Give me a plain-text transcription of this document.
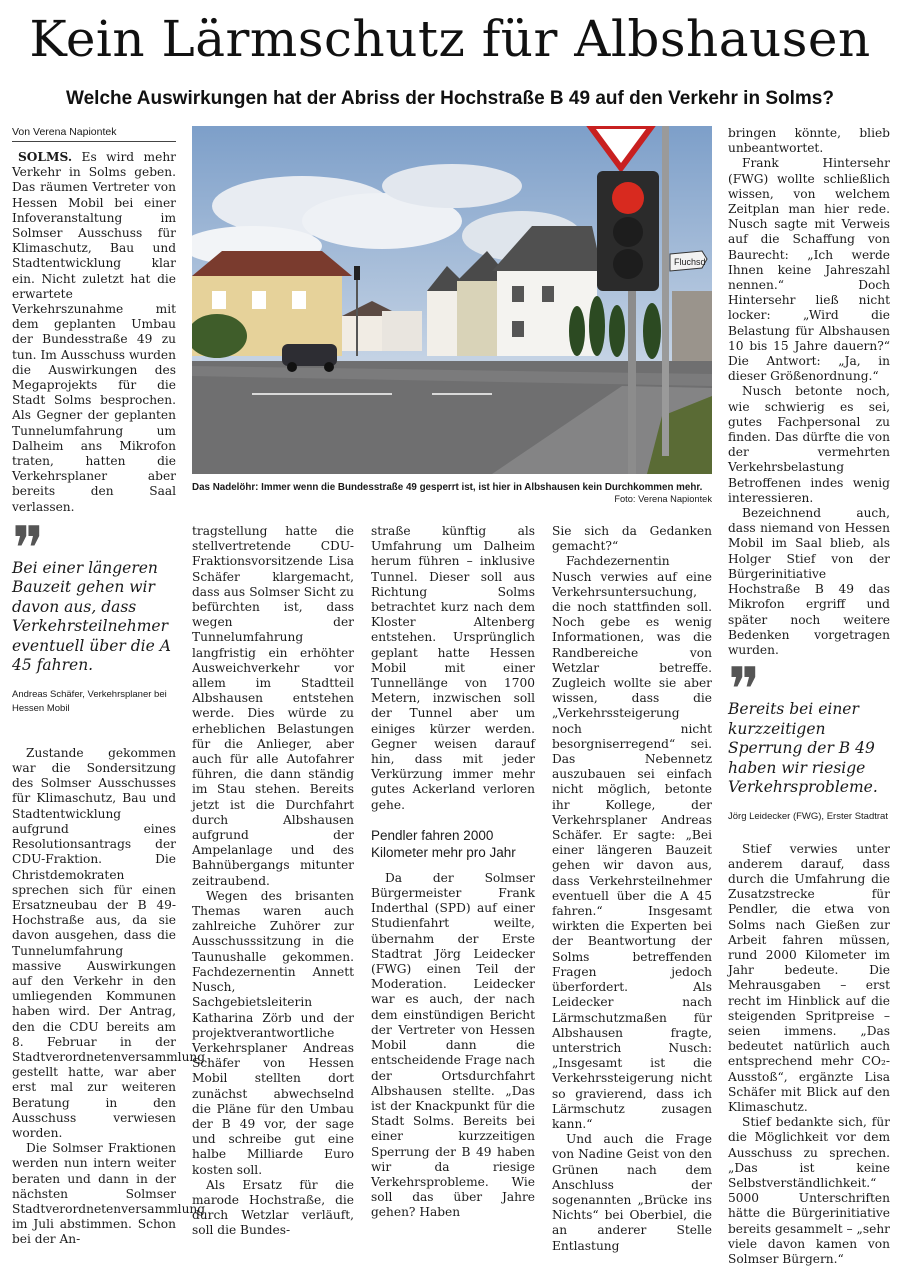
Kein Lärmschutz für Albshausen
Welche Auswirkungen hat der Abriss der Hochstraße B 49 auf den Verkehr in Solms?
Von Verena Napiontek

SOLMS. Es wird mehr Verkehr in Solms geben. Das räumen Vertreter von Hessen Mobil bei einer Infoveranstaltung im Solmser Ausschuss für Klimaschutz, Bau und Stadtentwicklung klar ein. Nicht zuletzt hat die erwartete Verkehrszunahme mit dem geplanten Umbau der Bundesstraße 49 zu tun. Im Ausschuss wurden die Auswirkungen des Megaprojekts für die Stadt Solms besprochen. Als Gegner der geplanten Tunnelumfahrung um Dalheim ans Mikrofon traten, hatten die Verkehrsplaner aber bereits den Saal verlassen.

❞
Bei einer längeren Bauzeit gehen wir davon aus, dass Verkehrsteilnehmer eventuell über die A 45 fahren.
Andreas Schäfer, Verkehrsplaner bei Hessen Mobil

Zustande gekommen war die Sondersitzung des Solmser Ausschusses für Klimaschutz, Bau und Stadtentwicklung aufgrund eines Resolutionsantrags der CDU-Fraktion. Die Christdemokraten sprechen sich für einen Ersatzneubau der B 49-Hochstraße aus, da sie davon ausgehen, dass die Tunnelumfahrung massive Auswirkungen auf den Verkehr in den umliegenden Kommunen haben wird. Der Antrag, den die CDU bereits am 8. Februar in der Stadtverordnetenversammlung gestellt hatte, war aber erst mal zur weiteren Beratung in den Ausschuss verwiesen worden.

Die Solmser Fraktionen werden nun intern weiter beraten und dann in der nächsten Solmser Stadtverordnetenversammlung im Juli abstimmen. Schon bei der An-

Fluchsd
Das Nadelöhr: Immer wenn die Bundesstraße 49 gesperrt ist, ist hier in Albshausen kein Durchkommen mehr.
Foto: Verena Napiontek

tragstellung hatte die stellvertretende CDU-Fraktionsvorsitzende Lisa Schäfer klargemacht, dass aus Solmser Sicht zu befürchten ist, dass wegen der Tunnelumfahrung langfristig ein erhöhter Ausweichverkehr vor allem im Stadtteil Albshausen entstehen werde. Dies würde zu erheblichen Belastungen für die Anlieger, aber auch für alle Autofahrer führen, die dann ständig im Stau stehen. Bereits jetzt ist die Durchfahrt durch Albshausen aufgrund der Ampelanlage und des Bahnübergangs mitunter zeitraubend.

Wegen des brisanten Themas waren auch zahlreiche Zuhörer zur Ausschusssitzung in die Taunushalle gekommen. Fachdezernentin Annett Nusch, Sachgebietsleiterin Katharina Zörb und der projektverantwortliche Verkehrsplaner Andreas Schäfer von Hessen Mobil stellten dort zunächst abwechselnd die Pläne für den Umbau der B 49 vor, der sage und schreibe gut eine halbe Milliarde Euro kosten soll.

Als Ersatz für die marode Hochstraße, die durch Wetzlar verläuft, soll die Bundes-

straße künftig als Umfahrung um Dalheim herum führen – inklusive Tunnel. Dieser soll aus Richtung Solms betrachtet kurz nach dem Kloster Altenberg entstehen. Ursprünglich geplant hatte Hessen Mobil mit einer Tunnellänge von 1700 Metern, inzwischen soll der Tunnel aber um einiges kürzer werden. Gegner weisen darauf hin, dass mit jeder Verkürzung immer mehr gutes Ackerland verloren gehe.

Pendler fahren 2000 Kilometer mehr pro Jahr

Da der Solmser Bürgermeister Frank Inderthal (SPD) auf einer Studienfahrt weilte, übernahm der Erste Stadtrat Jörg Leidecker (FWG) einen Teil der Moderation. Leidecker war es auch, der nach dem einstündigen Bericht der Vertreter von Hessen Mobil dann die entscheidende Frage nach der Ortsdurchfahrt Albshausen stellte. „Das ist der Knackpunkt für die Stadt Solms. Bereits bei einer kurzzeitigen Sperrung der B 49 haben wir da riesige Verkehrsprobleme. Wie soll das über Jahre gehen? Haben

Sie sich da Gedanken gemacht?“

Fachdezernentin Nusch verwies auf eine Verkehrsuntersuchung, die noch stattfinden soll. Noch gebe es wenig Informationen, was die Randbereiche von Wetzlar betreffe. Zugleich wollte sie aber wissen, dass die „Verkehrssteigerung noch nicht besorgniserregend“ sei. Das Nebennetz auszubauen sei einfach nicht möglich, betonte ihr Kollege, der Verkehrsplaner Andreas Schäfer. Er sagte: „Bei einer längeren Bauzeit gehen wir davon aus, dass Verkehrsteilnehmer eventuell über die A 45 fahren.“ Insgesamt wirkten die Experten bei der Beantwortung der Solms betreffenden Fragen jedoch überfordert. Als Leidecker nach Lärmschutzmaßen für Albshausen fragte, unterstrich Nusch: „Insgesamt ist die Verkehrssteigerung nicht so gravierend, dass ich Lärmschutz zusagen kann.“

Und auch die Frage von Nadine Geist von den Grünen nach dem Anschluss der sogenannten „Brücke ins Nichts“ bei Oberbiel, die an anderer Stelle Entlastung

bringen könnte, blieb unbeantwortet.

Frank Hintersehr (FWG) wollte schließlich wissen, von welchem Zeitplan man hier rede. Nusch sagte mit Verweis auf die Schaffung von Baurecht: „Ich werde Ihnen keine Jahreszahl nennen.“ Doch Hintersehr ließ nicht locker: „Wird die Belastung für Albshausen 10 bis 15 Jahre dauern?“ Die Antwort: „Ja, in dieser Größenordnung.“

Nusch betonte noch, wie schwierig es sei, gutes Fachpersonal zu finden. Das dürfte die von der vermehrten Verkehrsbelastung Betroffenen indes wenig interessieren.

Bezeichnend auch, dass niemand von Hessen Mobil im Saal blieb, als Holger Stief von der Bürgerinitiative Hochstraße B 49 das Mikrofon ergriff und später noch weitere Bedenken vorgetragen wurden.

❞
Bereits bei einer kurzzeitigen Sperrung der B 49 haben wir riesige Verkehrsprobleme.
Jörg Leidecker (FWG), Erster Stadtrat

Stief verwies unter anderem darauf, dass durch die Umfahrung die Zusatzstrecke für Pendler, die etwa von Solms nach Gießen zur Arbeit fahren müssen, rund 2000 Kilometer im Jahr bedeute. Die Mehrausgaben – erst recht im Hinblick auf die steigenden Spritpreise – seien immens. „Das bedeutet natürlich auch entsprechend mehr CO₂-Ausstoß“, ergänzte Lisa Schäfer mit Blick auf den Klimaschutz.

Stief bedankte sich, für die Möglichkeit vor dem Ausschuss zu sprechen. „Das ist keine Selbstverständlichkeit.“ 5000 Unterschriften hätte die Bürgerinitiative bereits gesammelt – „sehr viele davon kamen von Solmser Bürgern.“
